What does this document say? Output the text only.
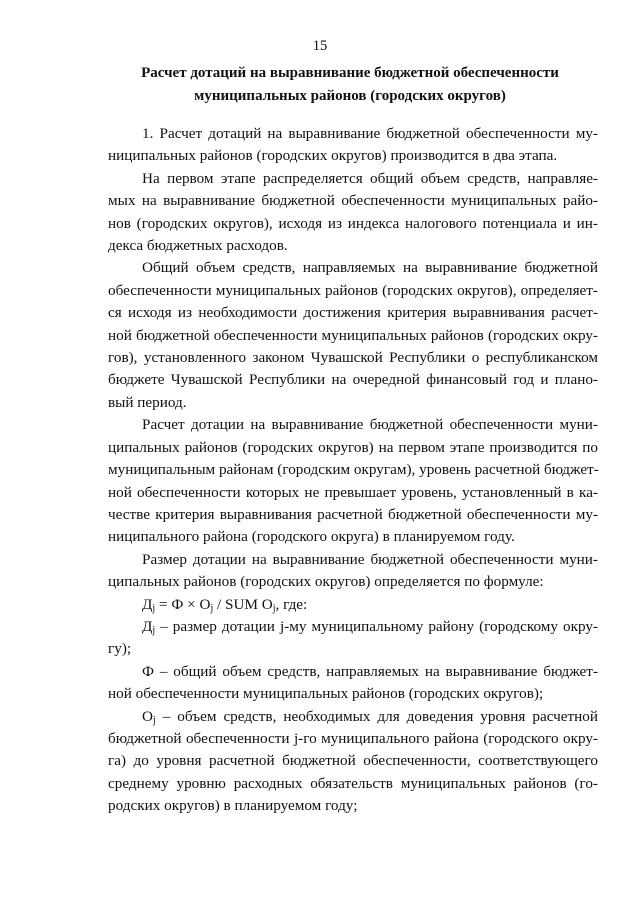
15
Расчет дотаций на выравнивание бюджетной обеспеченности
муниципальных районов (городских округов)

1. Расчет дотаций на выравнивание бюджетной обеспеченности му-
ниципальных районов (городских округов) производится в два этапа.

На первом этапе распределяется общий объем средств, направляе-
мых на выравнивание бюджетной обеспеченности муниципальных райо-
нов (городских округов), исходя из индекса налогового потенциала и ин-
декса бюджетных расходов.

Общий объем средств, направляемых на выравнивание бюджетной
обеспеченности муниципальных районов (городских округов), определяет-
ся исходя из необходимости достижения критерия выравнивания расчет-
ной бюджетной обеспеченности муниципальных районов (городских окру-
гов), установленного законом Чувашской Республики о республиканском
бюджете Чувашской Республики на очередной финансовый год и плано-
вый период.

Расчет дотации на выравнивание бюджетной обеспеченности муни-
ципальных районов (городских округов) на первом этапе производится по
муниципальным районам (городским округам), уровень расчетной бюджет-
ной обеспеченности которых не превышает уровень, установленный в ка-
честве критерия выравнивания расчетной бюджетной обеспеченности му-
ниципального района (городского округа) в планируемом году.

Размер дотации на выравнивание бюджетной обеспеченности муни-
ципальных районов (городских округов) определяется по формуле:

$Д_j = Ф \times O_j$ / SUM $O_j$, где:

$Д_j$ – размер дотации j-му муниципальному району (городскому окру-
гу);

Ф – общий объем средств, направляемых на выравнивание бюджет-
ной обеспеченности муниципальных районов (городских округов);

$O_j$ – объем средств, необходимых для доведения уровня расчетной
бюджетной обеспеченности j-го муниципального района (городского окру-
га) до уровня расчетной бюджетной обеспеченности, соответствующего
среднему уровню расходных обязательств муниципальных районов (го-
родских округов) в планируемом году;
